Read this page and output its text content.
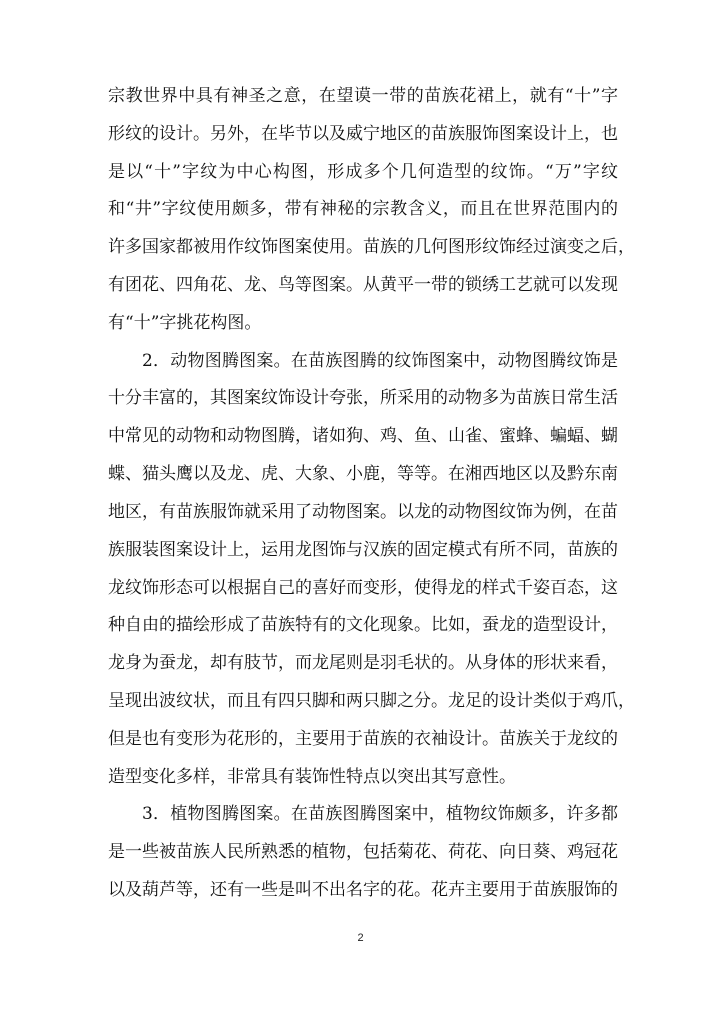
宗教世界中具有神圣之意，在望谟一带的苗族花裙上，就有“十”字
形纹的设计。另外，在毕节以及威宁地区的苗族服饰图案设计上，也
是以“十”字纹为中心构图，形成多个几何造型的纹饰。“万”字纹
和“井”字纹使用颇多，带有神秘的宗教含义，而且在世界范围内的
许多国家都被用作纹饰图案使用。苗族的几何图形纹饰经过演变之后，
有团花、四角花、龙、鸟等图案。从黄平一带的锁绣工艺就可以发现
有“十”字挑花构图。
2．动物图腾图案。在苗族图腾的纹饰图案中，动物图腾纹饰是
十分丰富的，其图案纹饰设计夸张，所采用的动物多为苗族日常生活
中常见的动物和动物图腾，诸如狗、鸡、鱼、山雀、蜜蜂、蝙蝠、蝴
蝶、猫头鹰以及龙、虎、大象、小鹿，等等。在湘西地区以及黔东南
地区，有苗族服饰就采用了动物图案。以龙的动物图纹饰为例，在苗
族服装图案设计上，运用龙图饰与汉族的固定模式有所不同，苗族的
龙纹饰形态可以根据自己的喜好而变形，使得龙的样式千姿百态，这
种自由的描绘形成了苗族特有的文化现象。比如，蚕龙的造型设计，
龙身为蚕龙，却有肢节，而龙尾则是羽毛状的。从身体的形状来看，
呈现出波纹状，而且有四只脚和两只脚之分。龙足的设计类似于鸡爪，
但是也有变形为花形的，主要用于苗族的衣袖设计。苗族关于龙纹的
造型变化多样，非常具有装饰性特点以突出其写意性。
3．植物图腾图案。在苗族图腾图案中，植物纹饰颇多，许多都
是一些被苗族人民所熟悉的植物，包括菊花、荷花、向日葵、鸡冠花
以及葫芦等，还有一些是叫不出名字的花。花卉主要用于苗族服饰的
2
